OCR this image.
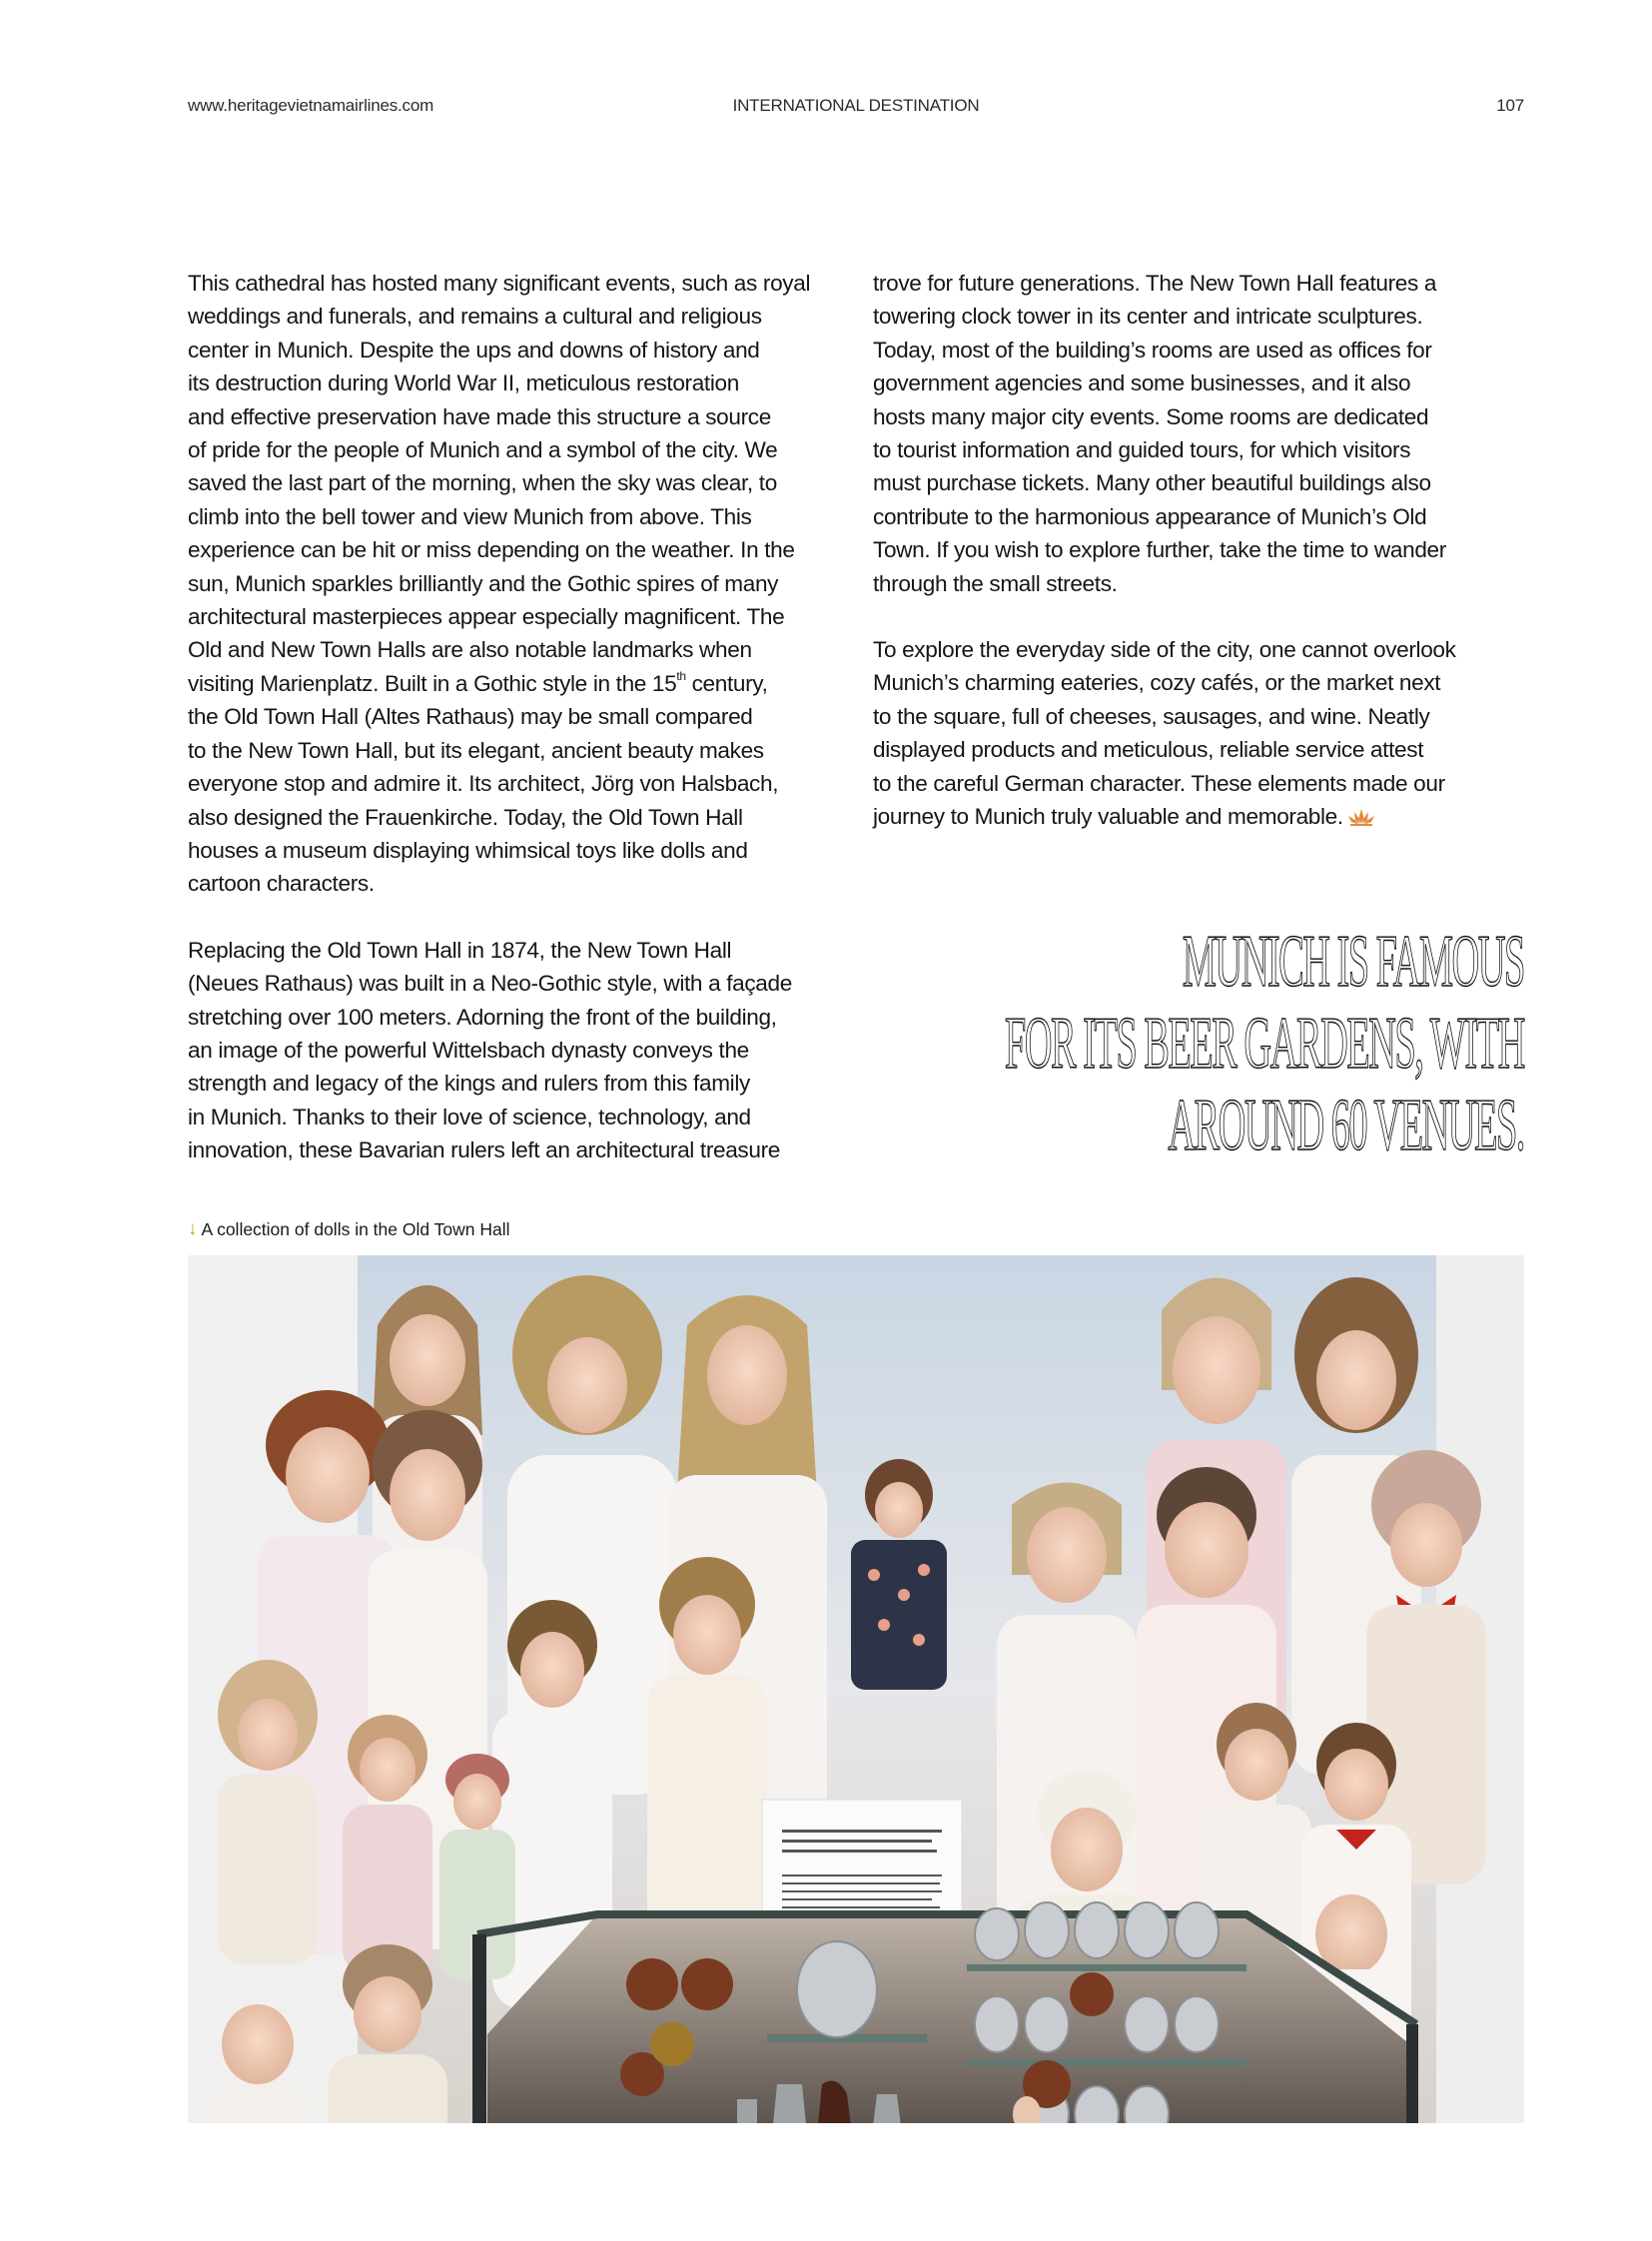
www.heritagevietnamairlines.com	INTERNATIONAL DESTINATION	107

This cathedral has hosted many significant events, such as royal

weddings and funerals, and remains a cultural and religious

center in Munich. Despite the ups and downs of history and

its destruction during World War II, meticulous restoration

and effective preservation have made this structure a source

of pride for the people of Munich and a symbol of the city. We

saved the last part of the morning, when the sky was clear, to

climb into the bell tower and view Munich from above. This

experience can be hit or miss depending on the weather. In the

sun, Munich sparkles brilliantly and the Gothic spires of many

architectural masterpieces appear especially magnificent. The

Old and New Town Halls are also notable landmarks when

visiting Marienplatz. Built in a Gothic style in the 15th century,

the Old Town Hall (Altes Rathaus) may be small compared

to the New Town Hall, but its elegant, ancient beauty makes

everyone stop and admire it. Its architect, Jörg von Halsbach,

also designed the Frauenkirche. Today, the Old Town Hall

houses a museum displaying whimsical toys like dolls and

cartoon characters.

Replacing the Old Town Hall in 1874, the New Town Hall

(Neues Rathaus) was built in a Neo-Gothic style, with a façade

stretching over 100 meters. Adorning the front of the building,

an image of the powerful Wittelsbach dynasty conveys the

strength and legacy of the kings and rulers from this family

in Munich. Thanks to their love of science, technology, and

innovation, these Bavarian rulers left an architectural treasure

trove for future generations. The New Town Hall features a

towering clock tower in its center and intricate sculptures.

Today, most of the building’s rooms are used as offices for

government agencies and some businesses, and it also

hosts many major city events. Some rooms are dedicated

to tourist information and guided tours, for which visitors

must purchase tickets. Many other beautiful buildings also

contribute to the harmonious appearance of Munich’s Old

Town. If you wish to explore further, take the time to wander

through the small streets.

To explore the everyday side of the city, one cannot overlook

Munich’s charming eateries, cozy cafés, or the market next

to the square, full of cheeses, sausages, and wine. Neatly

displayed products and meticulous, reliable service attest

to the careful German character. These elements made our

journey to Munich truly valuable and memorable.

MUNICH IS FAMOUS
FOR ITS BEER GARDENS, WITH
AROUND 60 VENUES.
↓ A collection of dolls in the Old Town Hall
